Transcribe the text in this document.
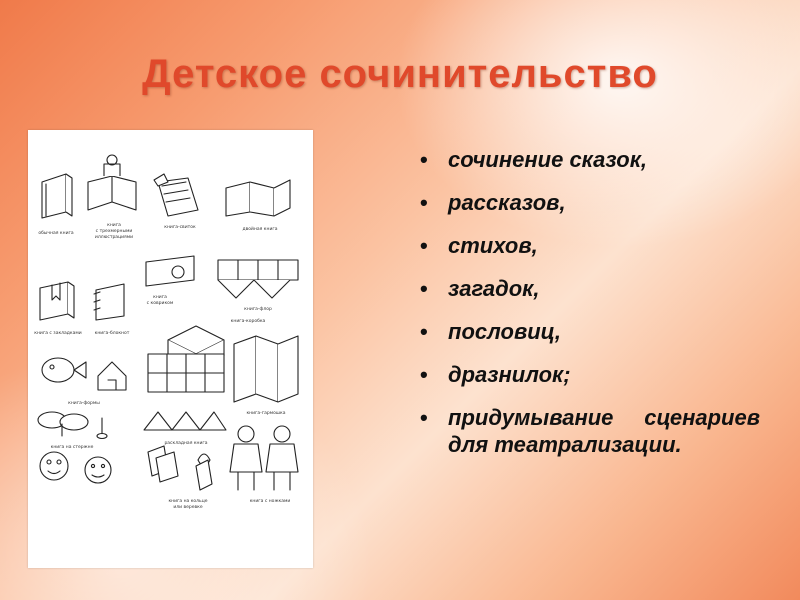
Детское сочинительство
обычная книга
книга
с трехмерными
иллюстрациями
книга-свиток	двойная книга
книга с закладками	книга-блокнот
книга
с ковриком
книга-флор
книга-коробка
книга-формы
книга-гармошка
книга на стержне
раскладная книга
книга на кольце
или веревке
книга с ножками
• сочинение сказок,
• рассказов,
• стихов,
• загадок,
• пословиц,
• дразнилок;
• придумывание сценариев для театрализации.
